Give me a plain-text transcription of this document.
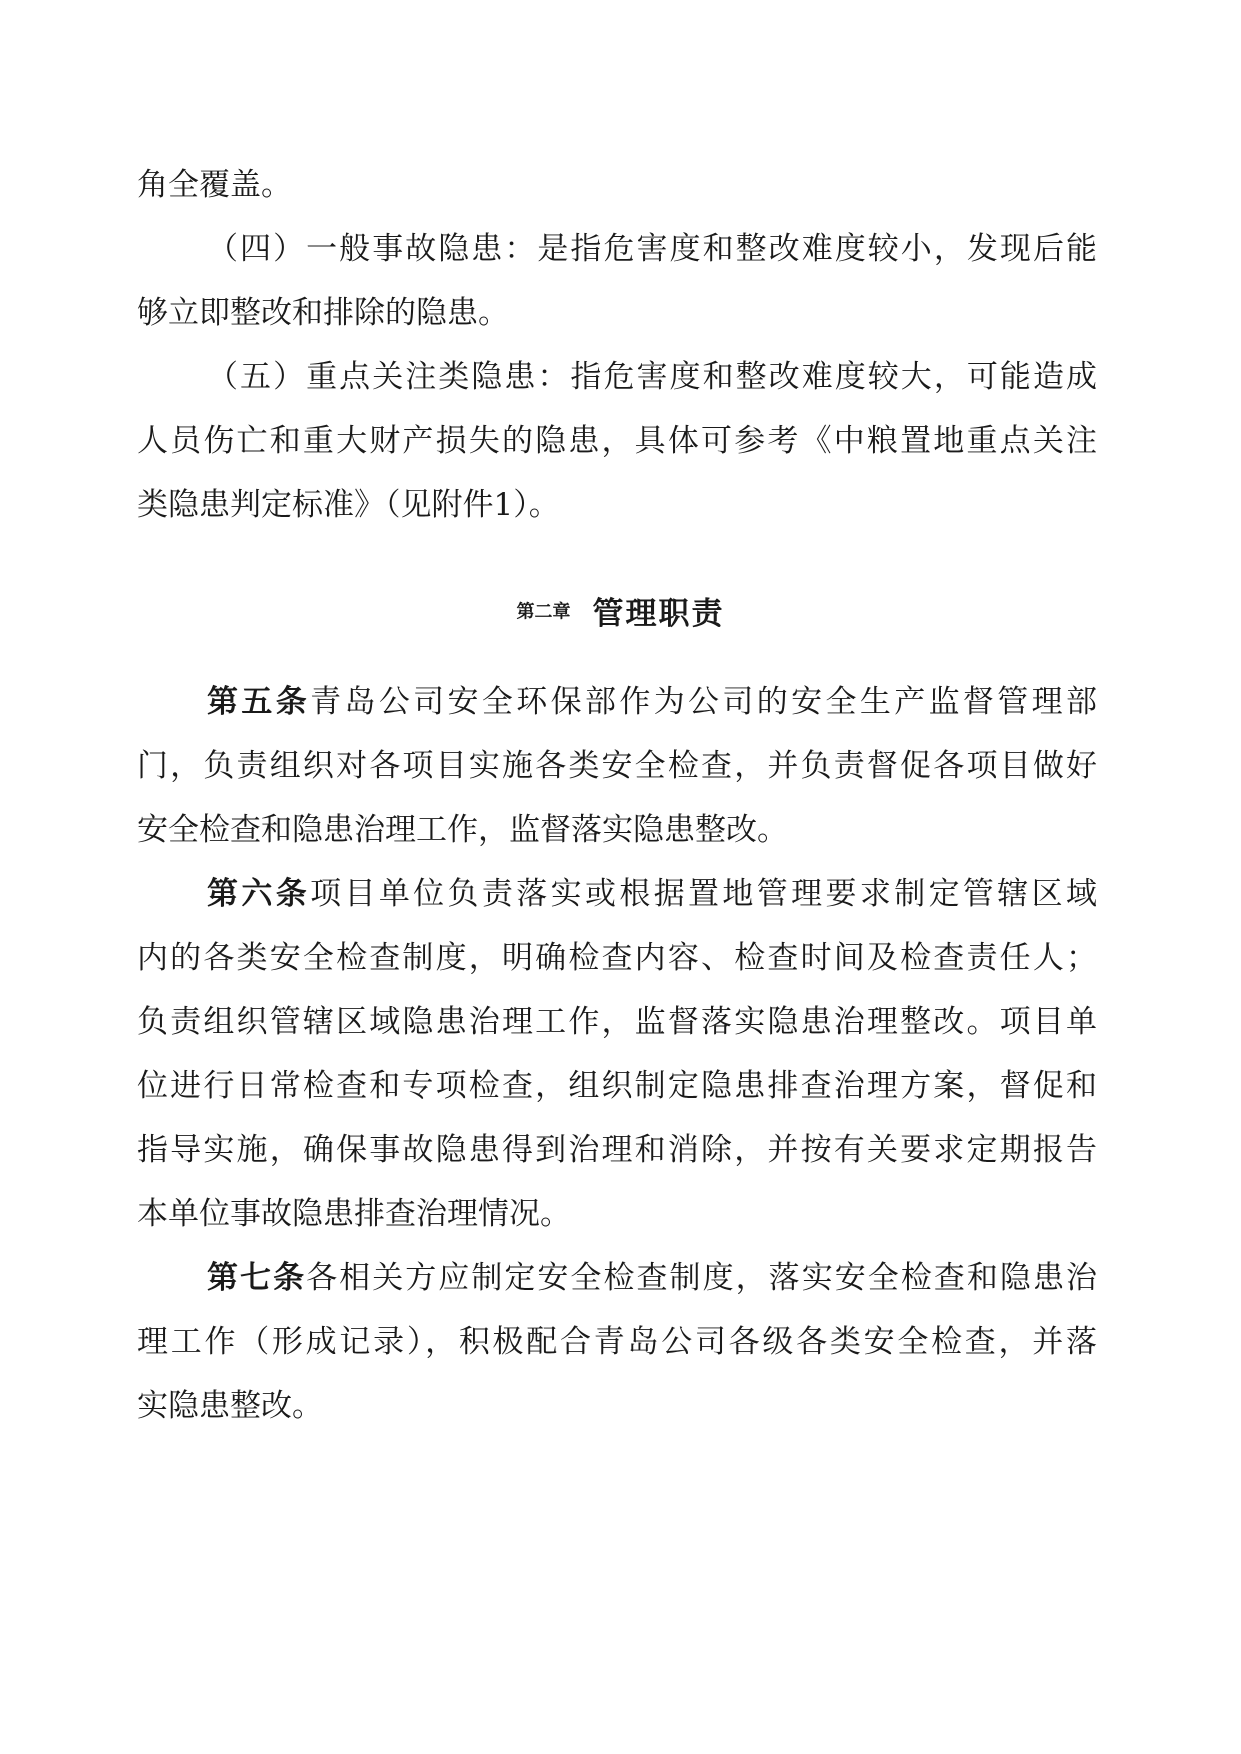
角全覆盖。
（四）一般事故隐患：是指危害度和整改难度较小，发现后能
够立即整改和排除的隐患。
（五）重点关注类隐患：指危害度和整改难度较大，可能造成
人员伤亡和重大财产损失的隐患，具体可参考《中粮置地重点关注
类隐患判定标准》（见附件1）。
第二章 管理职责
第五条青岛公司安全环保部作为公司的安全生产监督管理部
门，负责组织对各项目实施各类安全检查，并负责督促各项目做好
安全检查和隐患治理工作，监督落实隐患整改。
第六条项目单位负责落实或根据置地管理要求制定管辖区域
内的各类安全检查制度，明确检查内容、检查时间及检查责任人；
负责组织管辖区域隐患治理工作，监督落实隐患治理整改。项目单
位进行日常检查和专项检查，组织制定隐患排查治理方案，督促和
指导实施，确保事故隐患得到治理和消除，并按有关要求定期报告
本单位事故隐患排查治理情况。
第七条各相关方应制定安全检查制度，落实安全检查和隐患治
理工作（形成记录），积极配合青岛公司各级各类安全检查，并落
实隐患整改。
